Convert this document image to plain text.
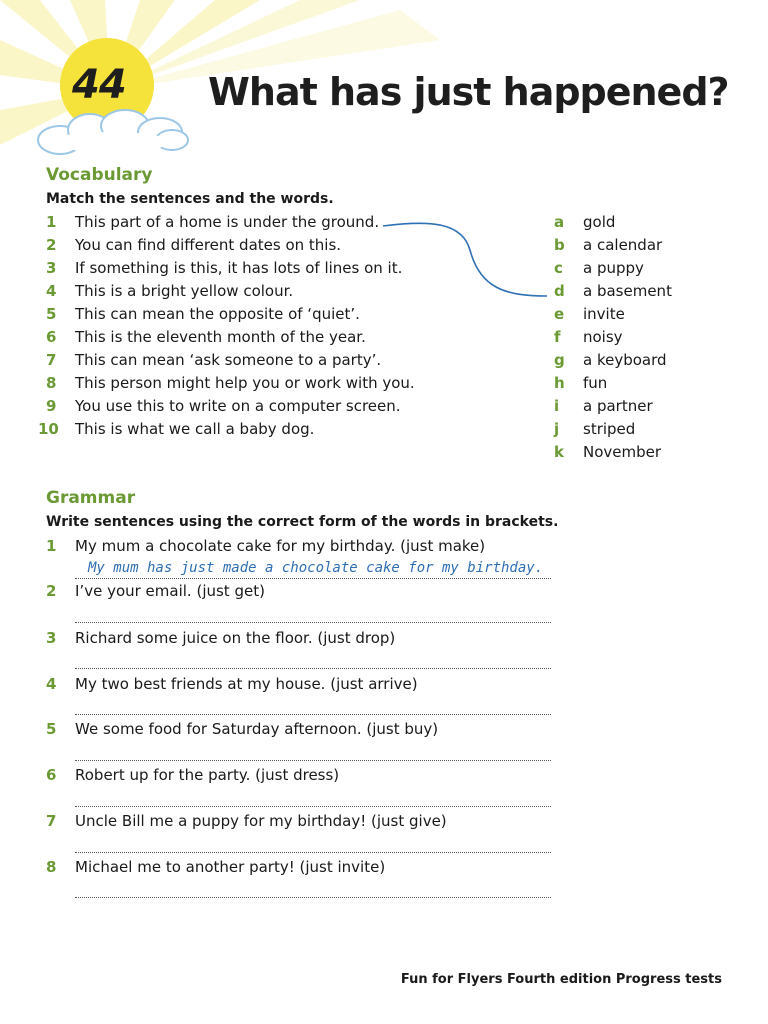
44 What has just happened?
Vocabulary
Match the sentences and the words.
1	This part of a home is under the ground.
2	You can find different dates on this.
3	If something is this, it has lots of lines on it.
4	This is a bright yellow colour.
5	This can mean the opposite of ‘quiet’.
6	This is the eleventh month of the year.
7	This can mean ‘ask someone to a party’.
8	This person might help you or work with you.
9	You use this to write on a computer screen.
10 This is what we call a baby dog.
a	gold
b	a calendar
c	a puppy
d	a basement
e	invite
f	noisy
g	a keyboard
h	fun
i	a partner
j	striped
k	November
Grammar
Write sentences using the correct form of the words in brackets.
1	My mum a chocolate cake for my birthday. (just make)
My mum has just made a chocolate cake for my birthday.
2	I’ve your email. (just get)
3	Richard some juice on the floor. (just drop)
4	My two best friends at my house. (just arrive)
5	We some food for Saturday afternoon. (just buy)
6	Robert up for the party. (just dress)
7	Uncle Bill me a puppy for my birthday! (just give)
8	Michael me to another party! (just invite)
Fun for Flyers Fourth edition Progress tests
